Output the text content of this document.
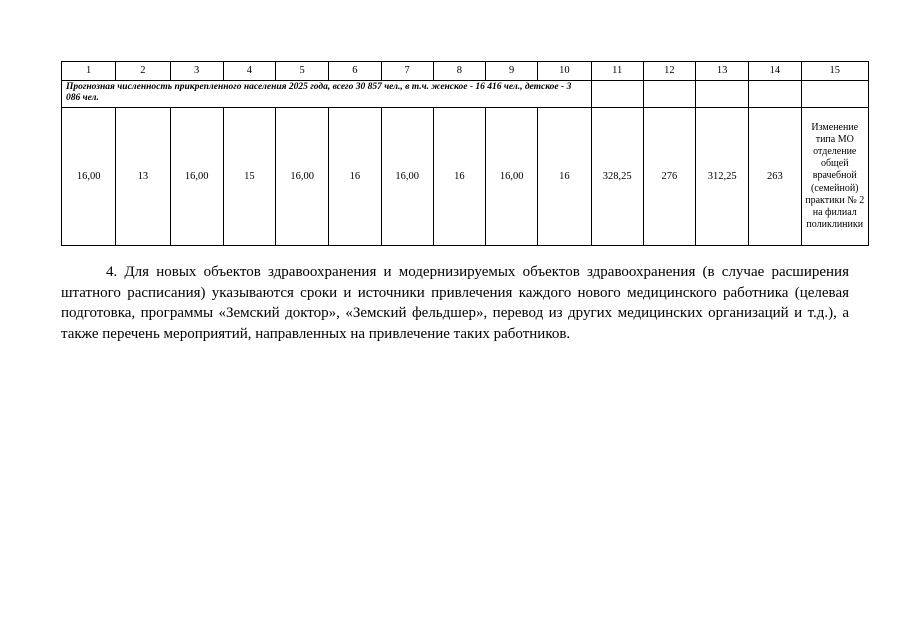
1	2	3	4	5	6	7	8	9	10	11	12	13	14	15
Прогнозная численность прикрепленного населения 2025 года, всего 30 857 чел., в т.ч. женское - 16 416 чел., детское - 3 086 чел.														
16,00	13	16,00	15	16,00	16	16,00	16	16,00	16	328,25	276	312,25	263	Изменение типа МО отделение общей врачебной (семейной) практики № 2 на филиал поликлиники

4. Для новых объектов здравоохранения и модернизируемых объектов здравоохранения (в случае расширения штатного расписания) указываются сроки и источники привлечения каждого нового медицинского работника (целевая подготовка, программы «Земский доктор», «Земский фельдшер», перевод из других медицинских организаций и т.д.), а также перечень мероприятий, направленных на привлечение таких работников.
